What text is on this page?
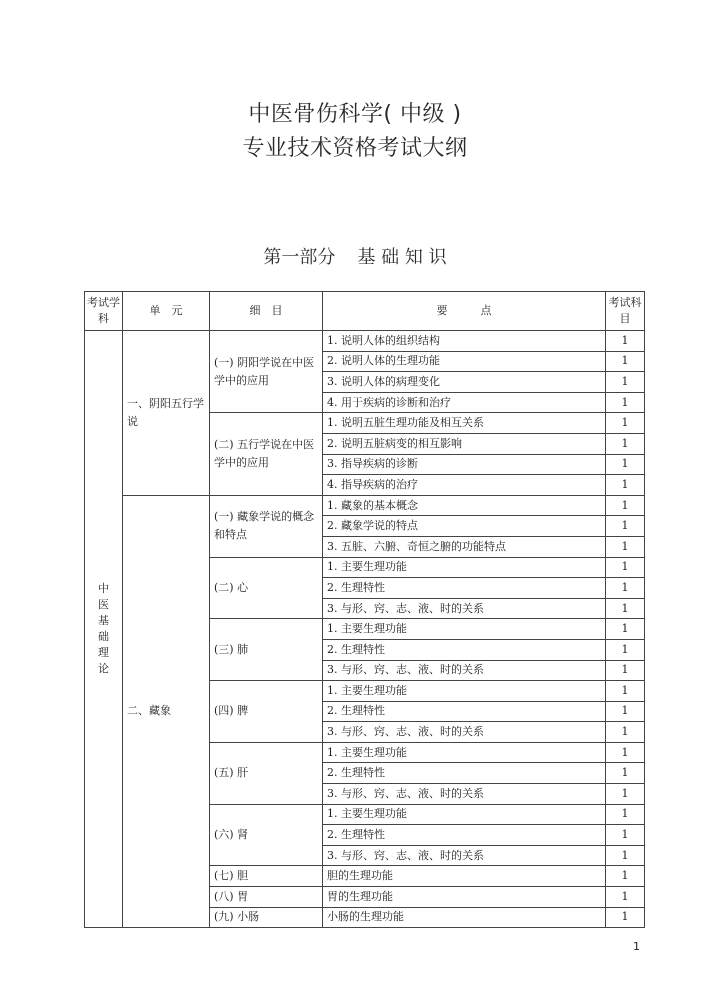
中医骨伤科学( 中级 )
专业技术资格考试大纲
第一部分 基 础 知 识
考试学科	单　元	细　目	要　　　点	考试科目
中医基础理论	一、阴阳五行学说	(一) 阴阳学说在中医学中的应用	1. 说明人体的组织结构	1
			2. 说明人体的生理功能	1
			3. 说明人体的病理变化	1
			4. 用于疾病的诊断和治疗	1
		(二) 五行学说在中医学中的应用	1. 说明五脏生理功能及相互关系	1
			2. 说明五脏病变的相互影响	1
			3. 指导疾病的诊断	1
			4. 指导疾病的治疗	1
	二、藏象	(一) 藏象学说的概念和特点	1. 藏象的基本概念	1
			2. 藏象学说的特点	1
			3. 五脏、六腑、奇恒之腑的功能特点	1
		(二) 心	1. 主要生理功能	1
			2. 生理特性	1
			3. 与形、窍、志、液、时的关系	1
		(三) 肺	1. 主要生理功能	1
			2. 生理特性	1
			3. 与形、窍、志、液、时的关系	1
		(四) 脾	1. 主要生理功能	1
			2. 生理特性	1
			3. 与形、窍、志、液、时的关系	1
		(五) 肝	1. 主要生理功能	1
			2. 生理特性	1
			3. 与形、窍、志、液、时的关系	1
		(六) 肾	1. 主要生理功能	1
			2. 生理特性	1
			3. 与形、窍、志、液、时的关系	1
		(七) 胆	胆的生理功能	1
		(八) 胃	胃的生理功能	1
		(九) 小肠	小肠的生理功能	1
1
